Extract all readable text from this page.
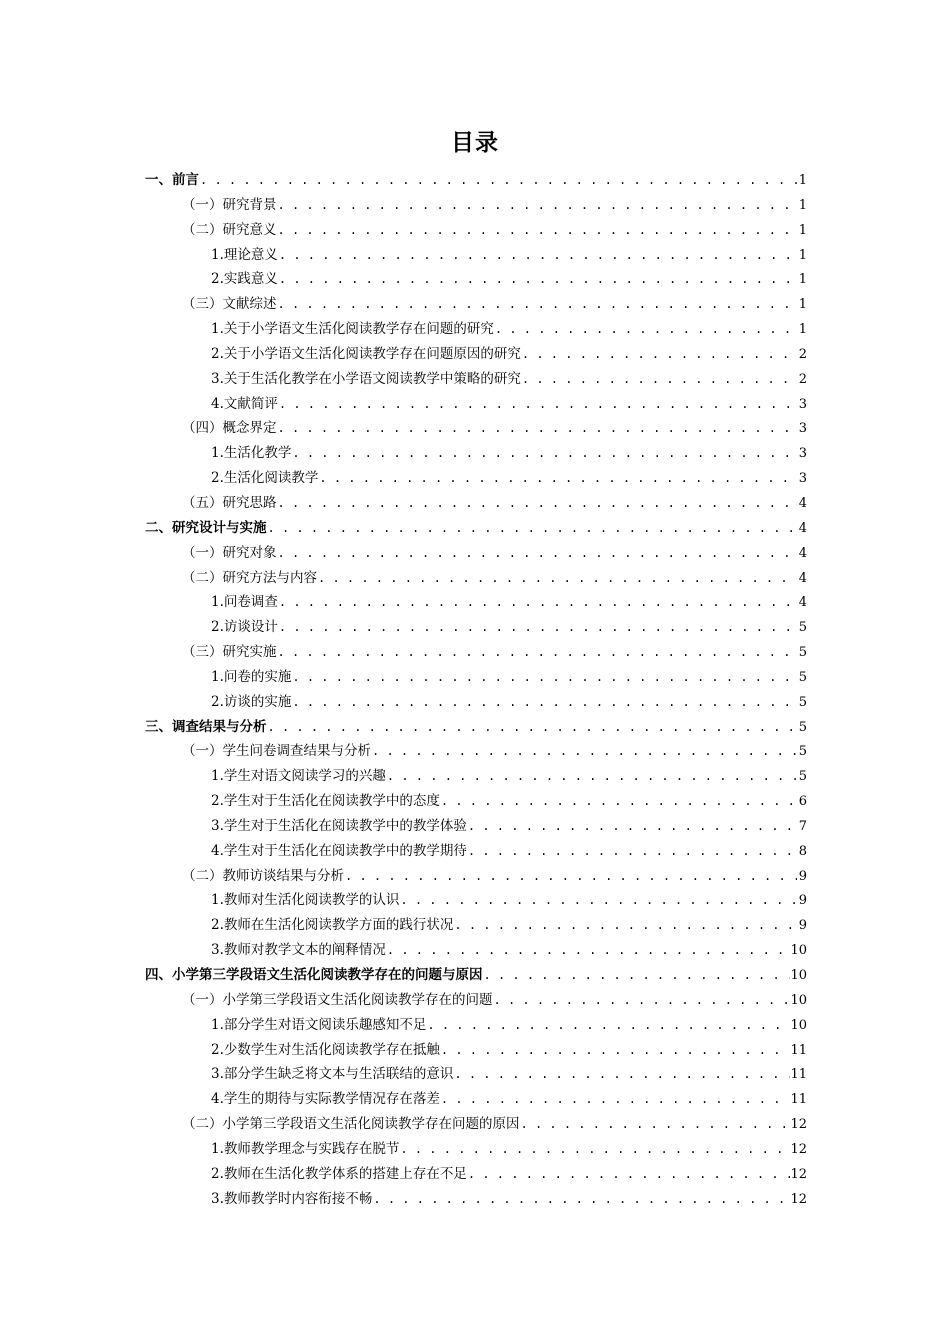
目录
一、前言 . . .	1
（一）研究背景 . . .	1
（二）研究意义 . . .	1
1.理论意义 . . .	1
2.实践意义 . . .	1
（三）文献综述 . . .	1
1.关于小学语文生活化阅读教学存在问题的研究 . . .	1
2.关于小学语文生活化阅读教学存在问题原因的研究 . . .	2
3.关于生活化教学在小学语文阅读教学中策略的研究 . . .	2
4.文献简评 . . .	3
（四）概念界定 . . .	3
1.生活化教学 . . .	3
2.生活化阅读教学 . . .	3
（五）研究思路 . . .	4
二、研究设计与实施 . . .	4
（一）研究对象 . . .	4
（二）研究方法与内容 . . .	4
1.问卷调查 . . .	4
2.访谈设计 . . .	5
（三）研究实施 . . .	5
1.问卷的实施 . . .	5
2.访谈的实施 . . .	5
三、调查结果与分析 . . .	5
（一）学生问卷调查结果与分析 . . .	5
1.学生对语文阅读学习的兴趣 . . .	5
2.学生对于生活化在阅读教学中的态度 . . .	6
3.学生对于生活化在阅读教学中的教学体验 . . .	7
4.学生对于生活化在阅读教学中的教学期待 . . .	8
（二）教师访谈结果与分析 . . .	9
1.教师对生活化阅读教学的认识 . . .	9
2.教师在生活化阅读教学方面的践行状况 . . .	9
3.教师对教学文本的阐释情况 . . .	10
四、小学第三学段语文生活化阅读教学存在的问题与原因 . . .	10
（一）小学第三学段语文生活化阅读教学存在的问题 . . .	10
1.部分学生对语文阅读乐趣感知不足 . . .	10
2.少数学生对生活化阅读教学存在抵触 . . .	11
3.部分学生缺乏将文本与生活联结的意识 . . .	11
4.学生的期待与实际教学情况存在落差 . . .	11
（二）小学第三学段语文生活化阅读教学存在问题的原因 . . .	12
1.教师教学理念与实践存在脱节 . . .	12
2.教师在生活化教学体系的搭建上存在不足 . . .	12
3.教师教学时内容衔接不畅 . . .	12
